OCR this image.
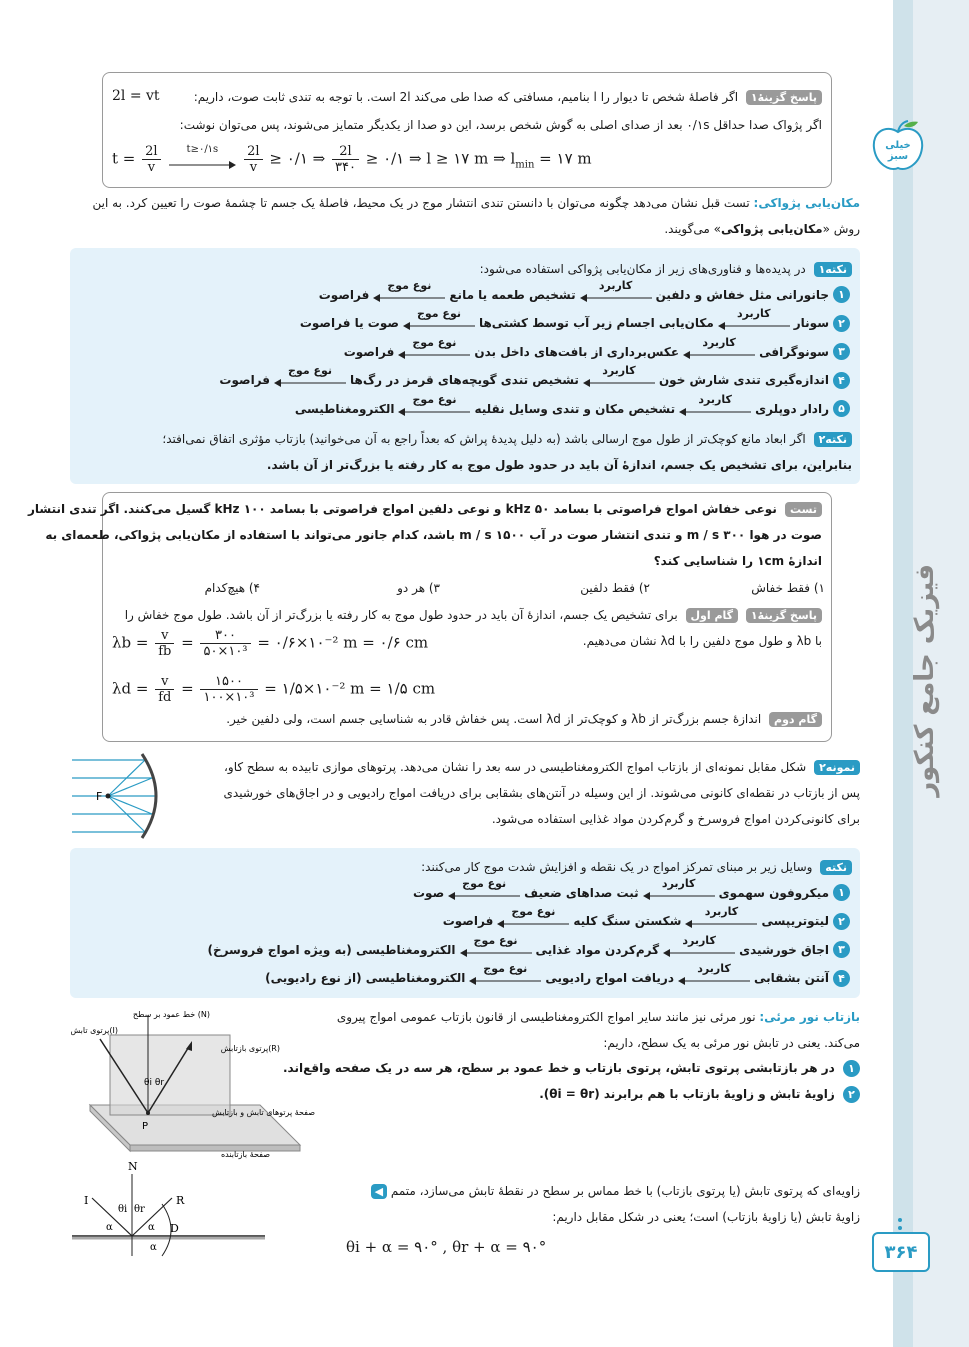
خیلی سبز
فیزیک جامع کنکور
۳۶۴
پاسخ گزینۀ۱ اگر فاصلۀ شخص تا دیوار را l بنامیم، مسافتی که صدا طی می‌کند 2l است. با توجه به تندی ثابت صوت، داریم:
2l = vt
اگر پژواک صدا حداقل ۰/۱s بعد از صدای اصلی به گوش شخص برسد، این دو صدا از یکدیگر متمایز می‌شوند، پس می‌توان نوشت:
$t = \frac{2l}{v}$
	t≥۰/۱s
	$\frac{2l}{v}$ ≥ ۰/۱ ⇒ $\frac{2l}{۳۴۰}$ ≥ ۰/۱ ⇒ l ≥ ۱۷ m ⇒ $l_{min}$ = ۱۷ m
مکان‌یابی پژواکی: تست قبل نشان می‌دهد چگونه می‌توان با دانستن تندی انتشار موج در یک محیط، فاصلۀ یک جسم تا چشمۀ صوت را تعیین کرد. به این
روش «مکان‌یابی پژواکی» می‌گویند.
نکته۱ در پدیده‌ها و فناوری‌های زیر از مکان‌یابی پژواکی استفاده می‌شود:
۱
جانورانی مثل خفاش و دلفین
کاربرد
تشخیص طعمه یا مانع
نوع موج
فراصوت
۲
سونار
کاربرد
مکان‌یابی اجسام زیر آب توسط کشتی‌ها
نوع موج
صوت یا فراصوت
۳
سونوگرافی
کاربرد
عکس‌برداری از بافت‌های داخل بدن
نوع موج
فراصوت
۴
اندازه‌گیری تندی شارش خون
کاربرد
تشخیص تندی گویچه‌های قرمز در رگ‌ها
نوع موج
فراصوت
۵
رادار دوپلری
کاربرد
تشخیص مکان و تندی وسایل نقلیه
نوع موج
الکترومغناطیسی
نکته۲ اگر ابعاد مانع کوچک‌تر از طول موج ارسالی باشد (به دلیل پدیدۀ پراش که بعداً راجع به آن می‌خوانید) بازتاب مؤثری اتفاق نمی‌افتد؛
بنابراین، برای تشخیص یک جسم، اندازۀ آن باید در حدود طول موج به کار رفته یا بزرگ‌تر از آن باشد.
تست نوعی خفاش امواج فراصوتی با بسامد ۵۰ kHz و نوعی دلفین امواج فراصوتی با بسامد ۱۰۰ kHz گسیل می‌کنند. اگر تندی انتشار
صوت در هوا ۳۰۰ m / s و تندی انتشار صوت در آب ۱۵۰۰ m / s باشد، کدام جانور می‌تواند با استفاده از مکان‌یابی پژواکی، طعمه‌ای به
اندازۀ ۱cm را شناسایی کند؟
۱) فقط خفاش
۲) فقط دلفین
۳) هر دو
۴) هیچ‌کدام
پاسخ گزینۀ۱ گام اول برای تشخیص یک جسم، اندازۀ آن باید در حدود طول موج به کار رفته یا بزرگ‌تر از آن باشد. طول موج خفاش را
با λb و طول موج دلفین را با λd نشان می‌دهیم.
$\lambda b = \frac{v}{fb} = \frac{۳۰۰}{\text{۵۰×۱۰³}}$ = ۰/۶×۱۰⁻² m = ۰/۶ cm
$\lambda d = \frac{v}{fd} = \frac{۱۵۰۰}{\text{۱۰۰×۱۰³}}$ = ۱/۵×۱۰⁻² m = ۱/۵ cm
گام دوم اندازۀ جسم بزرگ‌تر از λb و کوچک‌تر از λd است. پس خفاش قادر به شناسایی جسم است، ولی دلفین خیر.
نمونه۲ شکل مقابل نمونه‌ای از بازتاب امواج الکترومغناطیسی در سه بعد را نشان می‌دهد. پرتوهای موازی تابیده به سطح کاو،
پس از بازتاب در نقطه‌ای کانونی می‌شوند. از این وسیله در آنتن‌های بشقابی برای دریافت امواج رادیویی و در اجاق‌های خورشیدی
برای کانونی‌کردن امواج فروسرخ و گرم‌کردن مواد غذایی استفاده می‌شود.
F
نکته وسایل زیر بر مبنای تمرکز امواج در یک نقطه و افزایش شدت موج کار می‌کنند:
۱
میکروفون سهموی
کاربرد
ثبت صداهای ضعیف
نوع موج
صوت
۲
لیتوتریپسی
کاربرد
شکستن سنگ کلیه
نوع موج
فراصوت
۳
اجاق خورشیدی
کاربرد
گرم‌کردن مواد غذایی
نوع موج
الکترومغناطیسی (به ویژه امواج فروسرخ)
۴
آنتن بشقابی
کاربرد
دریافت امواج رادیویی
نوع موج
الکترومغناطیسی (از نوع رادیویی)
بازتاب نور مرئی: نور مرئی نیز مانند سایر امواج الکترومغناطیسی از قانون بازتاب عمومی امواج پیروی
می‌کند. یعنی در تابش نور مرئی به یک سطح، داریم:
۱ در هر بازتابشی پرتوی تابش، پرتوی بازتاب و خط عمود بر سطح، هر سه در یک صفحه واقع‌اند.
۲ زاویۀ تابش و زاویۀ بازتاب با هم برابرند (θi = θr).
θi θr
P
خط عمود بر سطح (N)
پرتوی تابش(I)
پرتوی بازتابش(R)
صفحۀ پرتوهای تابش و بازتابش
صفحۀ بازتابنده
زاویه‌ای که پرتوی تابش (یا پرتوی بازتاب) با خط مماس بر سطح در نقطۀ تابش می‌سازد، متمم ◀
زاویۀ تابش (یا زاویۀ بازتاب) است؛ یعنی در شکل مقابل داریم:
θi + α = ۹۰° , θr + α = ۹۰°
N
I	R
D
θi θr
α	α
α
